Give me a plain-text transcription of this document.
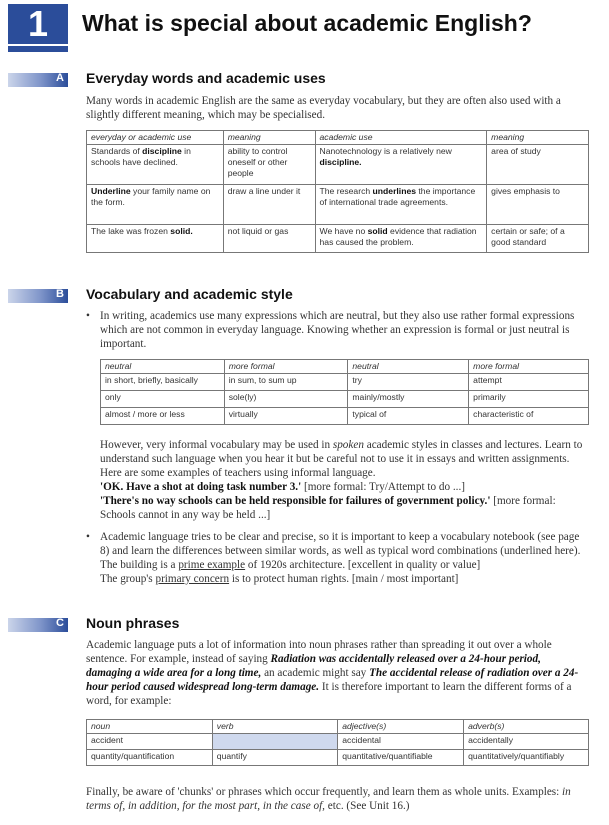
1	What is special about academic English?
A Everyday words and academic uses

Many words in academic English are the same as everyday vocabulary, but they are often also used with a slightly different meaning, which may be specialised.

everyday or academic use	meaning	academic use	meaning
Standards of discipline in schools have declined.	ability to control oneself or other people	Nanotechnology is a relatively new discipline.	area of study
Underline your family name on the form.	draw a line under it	The research underlines the importance of international trade agreements.	gives emphasis to
The lake was frozen solid.	not liquid or gas	We have no solid evidence that radiation has caused the problem.	certain or safe; of a good standard
B Vocabulary and academic style
• In writing, academics use many expressions which are neutral, but they also use rather formal expressions which are not common in everyday language. Knowing whether an expression is formal or just neutral is important.
neutral	more formal	neutral	more formal
in short, briefly, basically	in sum, to sum up	try	attempt
only	sole(ly)	mainly/mostly	primarily
almost / more or less	virtually	typical of	characteristic of

However, very informal vocabulary may be used in spoken academic styles in classes and lectures. Learn to understand such language when you hear it but be careful not to use it in essays and written assignments. Here are some examples of teachers using informal language.

'OK. Have a shot at doing task number 3.' [more formal: Try/Attempt to do ...]

'There's no way schools can be held responsible for failures of government policy.' [more formal: Schools cannot in any way be held ...]

• Academic language tries to be clear and precise, so it is important to keep a vocabulary notebook (see page 8) and learn the differences between similar words, as well as typical word combinations (underlined here).

The building is a prime example of 1920s architecture. [excellent in quality or value]

The group's primary concern is to protect human rights. [main / most important]

C Noun phrases

Academic language puts a lot of information into noun phrases rather than spreading it out over a whole sentence. For example, instead of saying Radiation was accidentally released over a 24-hour period, damaging a wide area for a long time, an academic might say The accidental release of radiation over a 24-hour period caused widespread long-term damage. It is therefore important to learn the different forms of a word, for example:

noun	verb	adjective(s)	adverb(s)
accident		accidental	accidentally
quantity/quantification	quantify	quantitative/quantifiable	quantitatively/quantifiably

Finally, be aware of 'chunks' or phrases which occur frequently, and learn them as whole units. Examples: in terms of, in addition, for the most part, in the case of, etc. (See Unit 16.)
